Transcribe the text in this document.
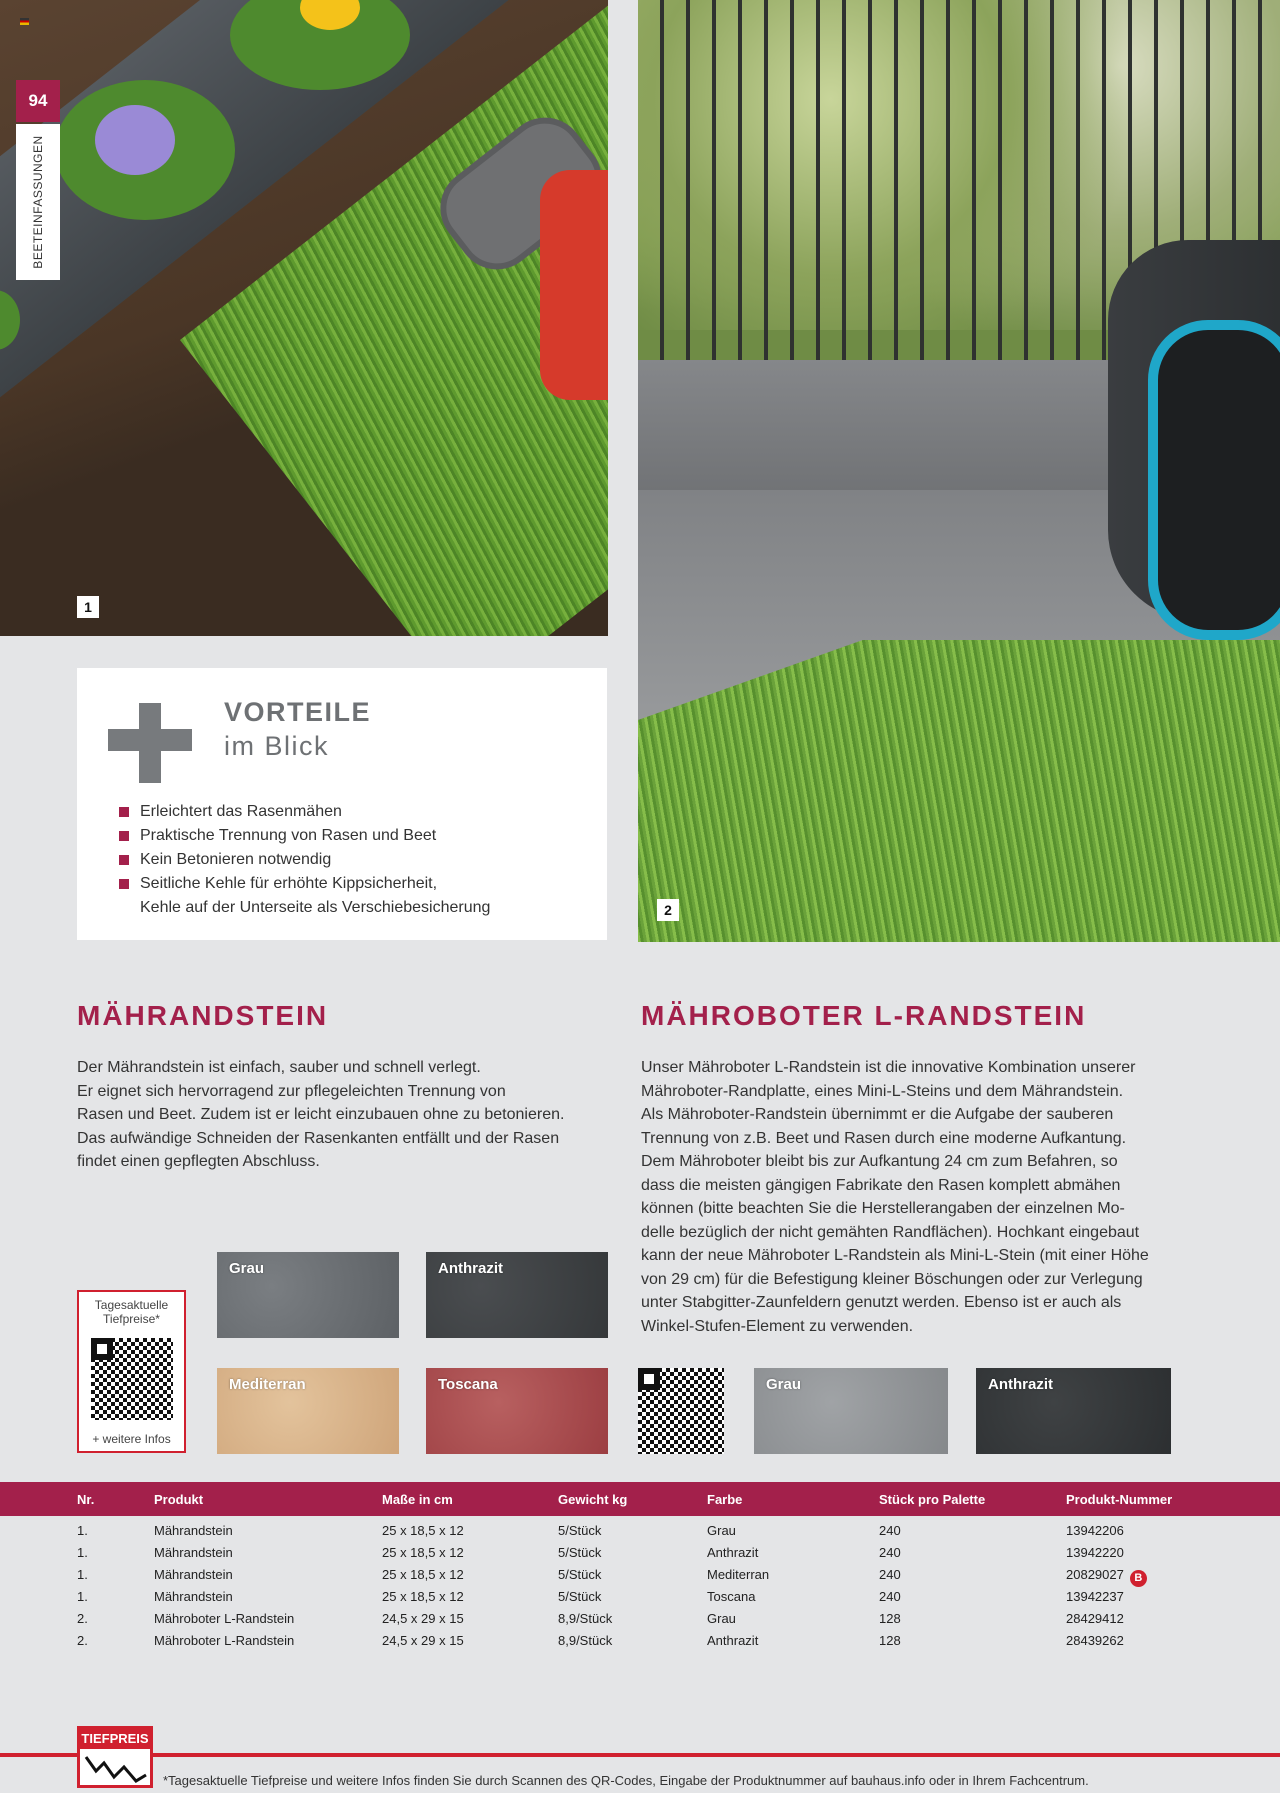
1
2
94
BEETEINFASSUNGEN
VORTEILE
im Blick
Erleichtert das Rasenmähen
Praktische Trennung von Rasen und Beet
Kein Betonieren notwendig
Seitliche Kehle für erhöhte Kippsicherheit,
Kehle auf der Unterseite als Verschiebesicherung
MÄHRANDSTEIN
Der Mährandstein ist einfach, sauber und schnell verlegt.
Er eignet sich hervorragend zur pflegeleichten Trennung von
Rasen und Beet. Zudem ist er leicht einzubauen ohne zu betonieren.
Das aufwändige Schneiden der Rasenkanten entfällt und der Rasen
findet einen gepflegten Abschluss.
MÄHROBOTER L-RANDSTEIN
Unser Mähroboter L-Randstein ist die innovative Kombination unserer
Mähroboter-Randplatte, eines Mini-L-Steins und dem Mährandstein.
Als Mähroboter-Randstein übernimmt er die Aufgabe der sauberen
Trennung von z.B. Beet und Rasen durch eine moderne Aufkantung.
Dem Mähroboter bleibt bis zur Aufkantung 24 cm zum Befahren, so
dass die meisten gängigen Fabrikate den Rasen komplett abmähen
können (bitte beachten Sie die Herstellerangaben der einzelnen Mo-
delle bezüglich der nicht gemähten Randflächen). Hochkant eingebaut
kann der neue Mähroboter L-Randstein als Mini-L-Stein (mit einer Höhe
von 29 cm) für die Befestigung kleiner Böschungen oder zur Verlegung
unter Stabgitter-Zaunfeldern genutzt werden. Ebenso ist er auch als
Winkel-Stufen-Element zu verwenden.
Tagesaktuelle Tiefpreise*
+ weitere Infos
Grau	Anthrazit
Mediterran	Toscana	Grau	Anthrazit
Nr.	Produkt	Maße in cm	Gewicht kg	Farbe	Stück pro Palette	Produkt-Nummer
1.	Mährandstein	25 x 18,5 x 12	5/Stück	Grau	240	13942206
1.	Mährandstein	25 x 18,5 x 12	5/Stück	Anthrazit	240	13942220
1.	Mährandstein	25 x 18,5 x 12	5/Stück	Mediterran	240	20829027 B
1.	Mährandstein	25 x 18,5 x 12	5/Stück	Toscana	240	13942237
2.	Mähroboter L-Randstein	24,5 x 29 x 15	8,9/Stück	Grau	128	28429412
2.	Mähroboter L-Randstein	24,5 x 29 x 15	8,9/Stück	Anthrazit	128	28439262
TIEFPREIS
*Tagesaktuelle Tiefpreise und weitere Infos finden Sie durch Scannen des QR-Codes, Eingabe der Produktnummer auf bauhaus.info oder in Ihrem Fachcentrum.
